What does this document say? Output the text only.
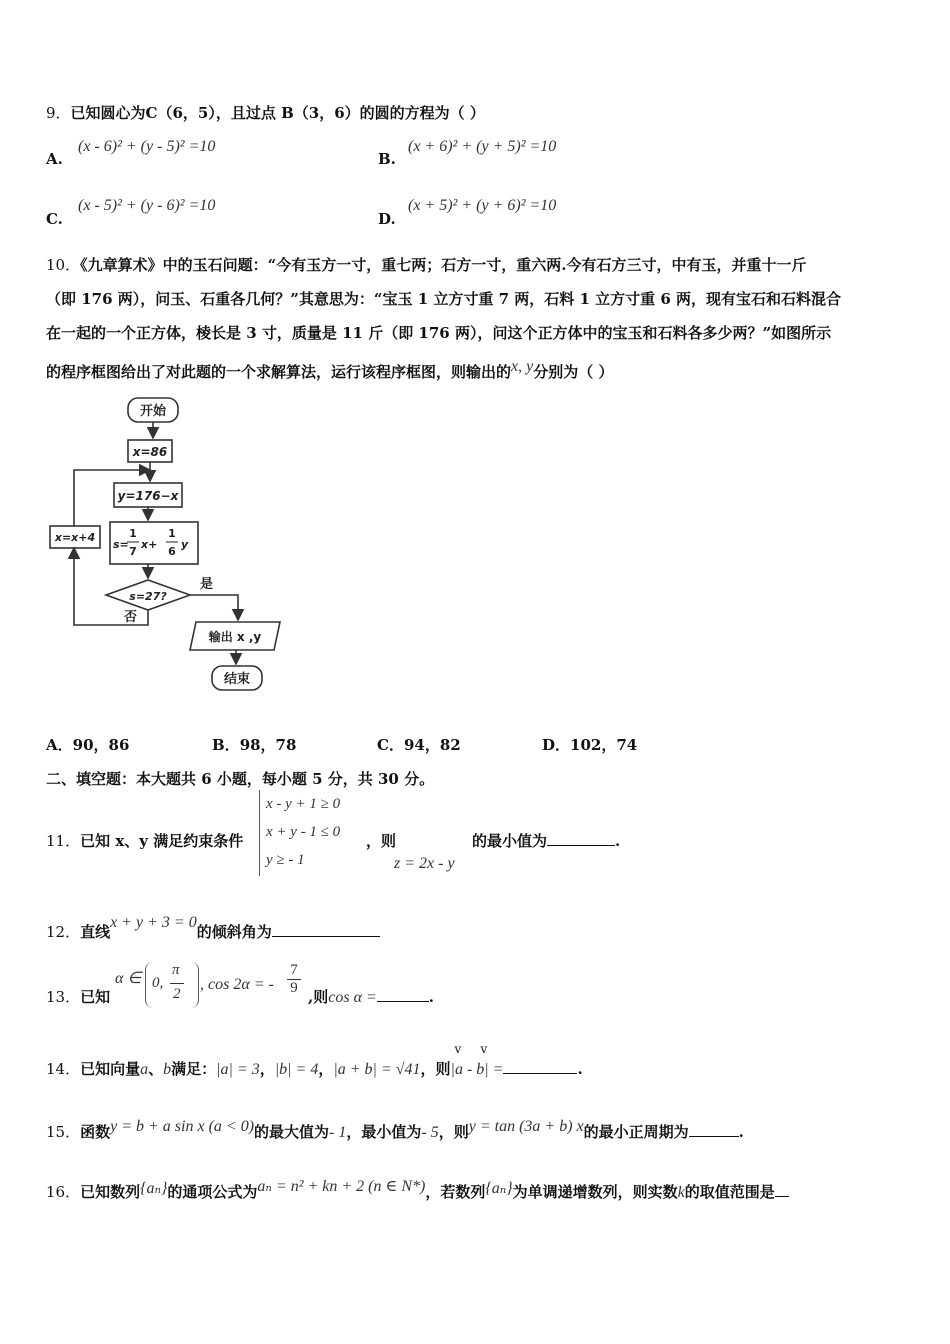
9．已知圆心为C（6，5），且过点 B（3，6）的圆的方程为（ ）
A.
(x - 6)² + (y - 5)² =10
B.
(x + 6)² + (y + 5)² =10
C.
(x - 5)² + (y - 6)² =10
D.
(x + 5)² + (y + 6)² =10
10．《九章算术》中的玉石问题：“今有玉方一寸，重七两；石方一寸，重六两.今有石方三寸，中有玉，并重十一斤
（即 176 两），问玉、石重各几何？”其意思为：“宝玉 1 立方寸重 7 两，石料 1 立方寸重 6 两，现有宝石和石料混合
在一起的一个正方体，棱长是 3 寸，质量是 11 斤（即 176 两），问这个正方体中的宝玉和石料各多少两？”如图所示
的程序框图给出了对此题的一个求解算法，运行该程序框图，则输出的x, y分别为（ ）
开始
x=86
y=176−x
s=
1
7
x+
1
6
y
s=27?
是
否
x=x+4
输出 x ,y
结束
A．90，86	B．98，78	C．94，82	D．102，74
二、填空题：本大题共 6 小题，每小题 5 分，共 30 分。
11．已知 x、y 满足约束条件
x - y + 1 ≥ 0
x + y - 1 ≤ 0
y ≥ - 1
，则
z = 2x - y
的最小值为	.
12．直线x + y + 3 = 0的倾斜角为
13．已知
α ∈ 0,
π
2
, cos 2α = - $\frac{7}{9}$ ,则cos α =	.
14．已知向量a、b满足：|a| = 3，|b| = 4，|a + b| = √41，则
v v
|a - b| =	.
15．函数y = b + a sin x (a < 0)的最大值为- 1，最小值为- 5，则y = tan (3a + b) x的最小正周期为	.
16．已知数列{aₙ}的通项公式为aₙ = n² + kn + 2 (n ∈ N*)，若数列{aₙ}为单调递增数列，则实数k的取值范围是
